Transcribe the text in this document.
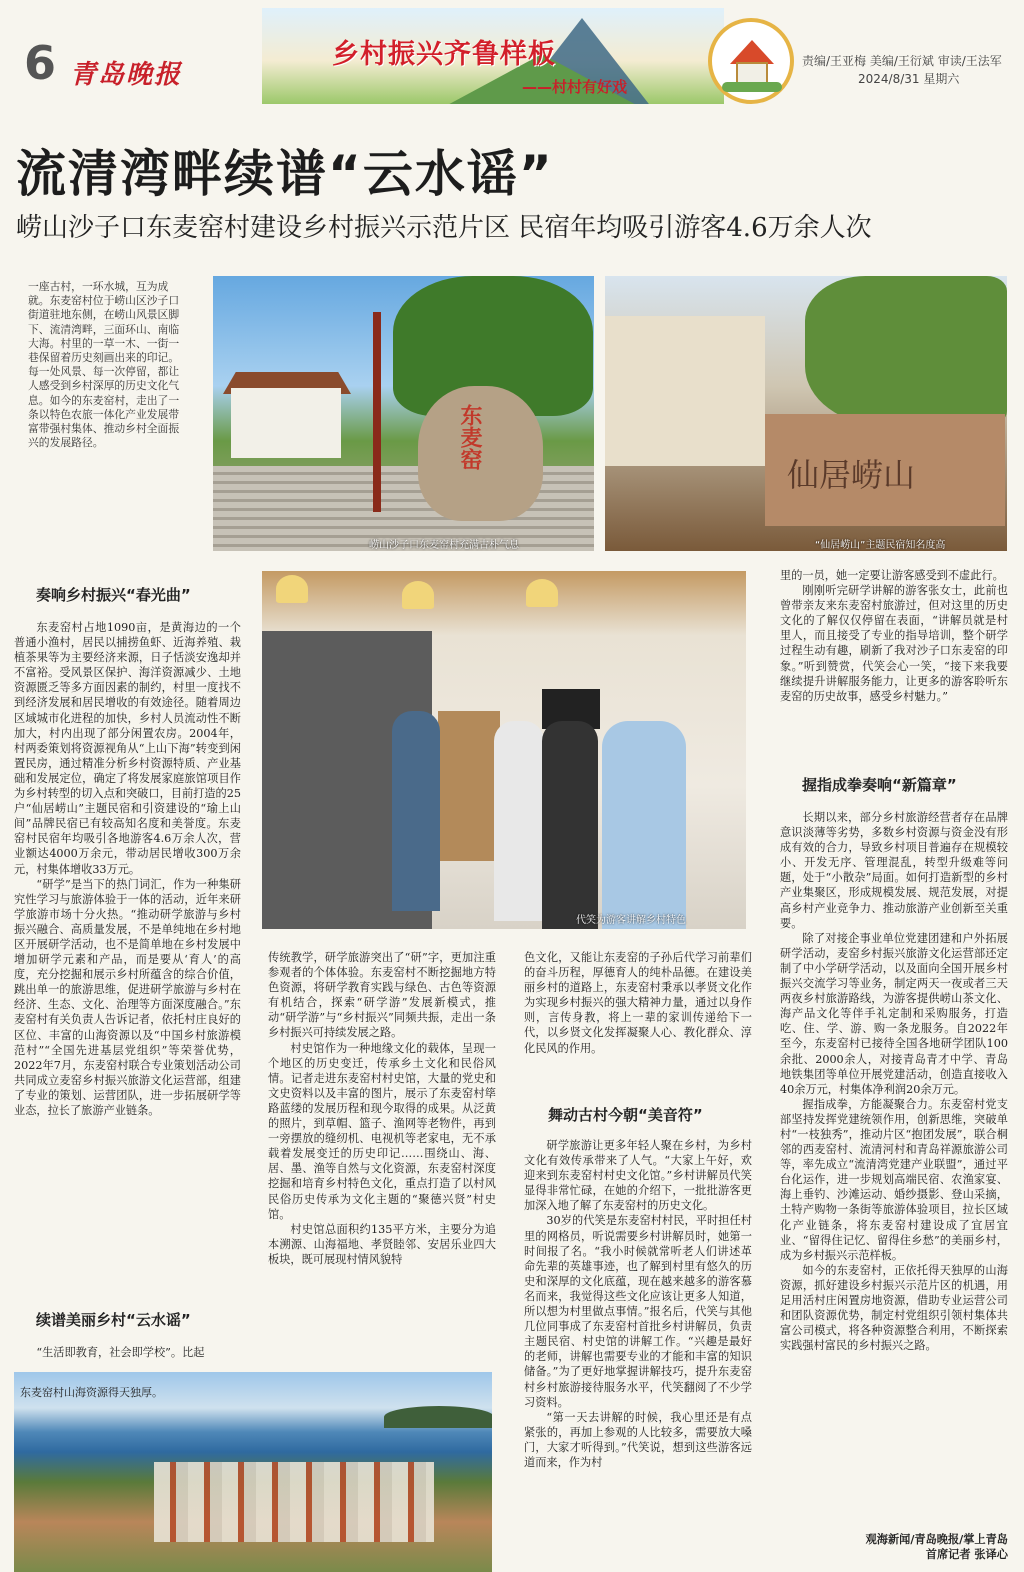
6 青岛晚报
乡村振兴齐鲁样板
——村村有好戏
责编/王亚梅 美编/王衍斌 审读/王法军
2024/8/31 星期六
流清湾畔续谱“云水谣”
崂山沙子口东麦窑村建设乡村振兴示范片区 民宿年均吸引游客4.6万余人次
一座古村，一环水城，互为成就。东麦窑村位于崂山区沙子口街道驻地东侧，在崂山风景区脚下、流清湾畔，三面环山、南临大海。村里的一草一木、一街一巷保留着历史刻画出来的印记。每一处风景、每一次停留，都让人感受到乡村深厚的历史文化气息。如今的东麦窑村，走出了一条以特色农旅一体化产业发展带富带强村集体、推动乡村全面振兴的发展路径。	东麦窑
崂山沙子口东麦窑村充满古朴气息
仙居崂山
“仙居崂山”主题民宿知名度高
奏响乡村振兴“春光曲”

东麦窑村占地1090亩，是黄海边的一个普通小渔村，居民以捕捞鱼虾、近海养殖、栽植茶果等为主要经济来源，日子恬淡安逸却并不富裕。受风景区保护、海洋资源减少、土地资源匮乏等多方面因素的制约，村里一度找不到经济发展和居民增收的有效途径。随着周边区域城市化进程的加快，乡村人员流动性不断加大，村内出现了部分闲置农房。2004年，村两委策划将资源视角从“上山下海”转变到闲置民房，通过精准分析乡村资源特质、产业基础和发展定位，确定了将发展家庭旅馆项目作为乡村转型的切入点和突破口，目前打造的25户“仙居崂山”主题民宿和引资建设的“瑜上山间”品牌民宿已有较高知名度和美誉度。东麦窑村民宿年均吸引各地游客4.6万余人次，营业额达4000万余元，带动居民增收300万余元，村集体增收33万元。

“研学”是当下的热门词汇，作为一种集研究性学习与旅游体验于一体的活动，近年来研学旅游市场十分火热。“推动研学旅游与乡村振兴融合、高质量发展，不是单纯地在乡村地区开展研学活动，也不是简单地在乡村发展中增加研学元素和产品，而是要从‘育人’的高度，充分挖掘和展示乡村所蕴含的综合价值，跳出单一的旅游思维，促进研学旅游与乡村在经济、生态、文化、治理等方面深度融合。”东麦窑村有关负责人告诉记者，依托村庄良好的区位、丰富的山海资源以及“中国乡村旅游模范村”“全国先进基层党组织”等荣誉优势，2022年7月，东麦窑村联合专业策划活动公司共同成立麦窑乡村振兴旅游文化运营部，组建了专业的策划、运营团队，进一步拓展研学等业态，拉长了旅游产业链条。

续谱美丽乡村“云水谣”

“生活即教育，社会即学校”。比起

代笑为游客讲解乡村特色

传统教学，研学旅游突出了“研”字，更加注重参观者的个体体验。东麦窑村不断挖掘地方特色资源，将研学教育实践与绿色、古色等资源有机结合，探索“研学游”发展新模式，推动“研学游”与“乡村振兴”同频共振，走出一条乡村振兴可持续发展之路。

村史馆作为一种地缘文化的载体，呈现一个地区的历史变迁，传承乡土文化和民俗风情。记者走进东麦窑村村史馆，大量的党史和文史资料以及丰富的图片，展示了东麦窑村筚路蓝缕的发展历程和现今取得的成果。从泛黄的照片，到草帽、篮子、渔网等老物件，再到一旁摆放的缝纫机、电视机等老家电，无不承载着发展变迁的历史印记……围绕山、海、居、墨、渔等自然与文化资源，东麦窑村深度挖掘和培育乡村特色文化，重点打造了以村风民俗历史传承为文化主题的“聚德兴贤”村史馆。

村史馆总面积约135平方米，主要分为追本溯源、山海福地、孝贤睦邻、安居乐业四大板块，既可展现村情风貌特

色文化，又能让东麦窑的子孙后代学习前辈们的奋斗历程，厚德育人的纯朴品德。在建设美丽乡村的道路上，东麦窑村秉承以孝贤文化作为实现乡村振兴的强大精神力量，通过以身作则，言传身教，将上一辈的家训传递给下一代，以乡贤文化发挥凝聚人心、教化群众、淳化民风的作用。

舞动古村今朝“美音符”

研学旅游让更多年轻人聚在乡村，为乡村文化有效传承带来了人气。“大家上午好，欢迎来到东麦窑村村史文化馆。”乡村讲解员代笑显得非常忙碌，在她的介绍下，一批批游客更加深入地了解了东麦窑村的历史文化。

30岁的代笑是东麦窑村村民，平时担任村里的网格员，听说需要乡村讲解员时，她第一时间报了名。“我小时候就常听老人们讲述革命先辈的英雄事迹，也了解到村里有悠久的历史和深厚的文化底蕴，现在越来越多的游客慕名而来，我觉得这些文化应该让更多人知道，所以想为村里做点事情。”报名后，代笑与其他几位同事成了东麦窑村首批乡村讲解员，负责主题民宿、村史馆的讲解工作。“兴趣是最好的老师，讲解也需要专业的才能和丰富的知识储备。”为了更好地掌握讲解技巧，提升东麦窑村乡村旅游接待服务水平，代笑翻阅了不少学习资料。

“第一天去讲解的时候，我心里还是有点紧张的，再加上参观的人比较多，需要放大嗓门，大家才听得到。”代笑说，想到这些游客远道而来，作为村

里的一员，她一定要让游客感受到不虚此行。

刚刚听完研学讲解的游客张女士，此前也曾带亲友来东麦窑村旅游过，但对这里的历史文化的了解仅仅停留在表面，“讲解员就是村里人，而且接受了专业的指导培训，整个研学过程生动有趣，刷新了我对沙子口东麦窑的印象。”听到赞赏，代笑会心一笑，“接下来我要继续提升讲解服务能力，让更多的游客聆听东麦窑的历史故事，感受乡村魅力。”

握指成拳奏响“新篇章”

长期以来，部分乡村旅游经营者存在品牌意识淡薄等劣势，多数乡村资源与资金没有形成有效的合力，导致乡村项目普遍存在规模较小、开发无序、管理混乱，转型升级难等问题，处于“小散杂”局面。如何打造新型的乡村产业集聚区，形成规模发展、规范发展，对提高乡村产业竞争力、推动旅游产业创新至关重要。

除了对接企事业单位党建团建和户外拓展研学活动，麦窑乡村振兴旅游文化运营部还定制了中小学研学活动，以及面向全国开展乡村振兴交流学习等业务，制定两天一夜或者三天两夜乡村旅游路线，为游客提供崂山茶文化、海产品文化等伴手礼定制和采购服务，打造吃、住、学、游、购一条龙服务。自2022年至今，东麦窑村已接待全国各地研学团队100余批、2000余人，对接青岛青才中学、青岛地铁集团等单位开展党建活动，创造直接收入40余万元，村集体净利润20余万元。

握指成拳，方能凝聚合力。东麦窑村党支部坚持发挥党建统领作用，创新思维，突破单村“一枝独秀”，推动片区“抱团发展”，联合桐邻的西麦窑村、流清河村和青岛祥源旅游公司等，率先成立“流清湾党建产业联盟”，通过平台化运作，进一步规划高端民宿、农渔家宴、海上垂钓、沙滩运动、婚纱摄影、登山采摘，土特产购物一条街等旅游体验项目，拉长区域化产业链条，将东麦窑村建设成了宜居宜业、“留得住记忆、留得住乡愁”的美丽乡村，成为乡村振兴示范样板。

如今的东麦窑村，正依托得天独厚的山海资源，抓好建设乡村振兴示范片区的机遇，用足用活村庄闲置房地资源，借助专业运营公司和团队资源优势，制定村党组织引领村集体共富公司模式，将各种资源整合利用，不断探索实践强村富民的乡村振兴之路。

观海新闻/青岛晚报/掌上青岛
首席记者 张译心
东麦窑村山海资源得天独厚。
